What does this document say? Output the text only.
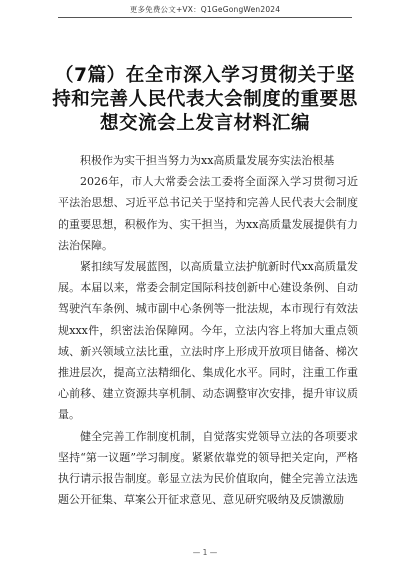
更多免费公文+VX：Q1GeGongWen2024
（7篇）在全市深入学习贯彻关于坚持和完善人民代表大会制度的重要思想交流会上发言材料汇编

积极作为实干担当努力为xx高质量发展夯实法治根基

2026年，市人大常委会法工委将全面深入学习贯彻习近平法治思想、习近平总书记关于坚持和完善人民代表大会制度的重要思想，积极作为、实干担当，为xx高质量发展提供有力法治保障。

紧扣续写发展蓝图，以高质量立法护航新时代xx高质量发展。本届以来，常委会制定国际科技创新中心建设条例、自动驾驶汽车条例、城市副中心条例等一批法规，本市现行有效法规xxx件，织密法治保障网。今年，立法内容上将加大重点领域、新兴领域立法比重，立法时序上形成开放项目储备、梯次推进层次，提高立法精细化、集成化水平。同时，注重工作重心前移、建立资源共享机制、动态调整审次安排，提升审议质量。

健全完善工作制度机制，自觉落实党领导立法的各项要求坚持“第一议题”学习制度。紧紧依靠党的领导把关定向，严格执行请示报告制度。彰显立法为民价值取向，健全完善立法选题公开征集、草案公开征求意见、意见研究吸纳及反馈激励

— 1 —
